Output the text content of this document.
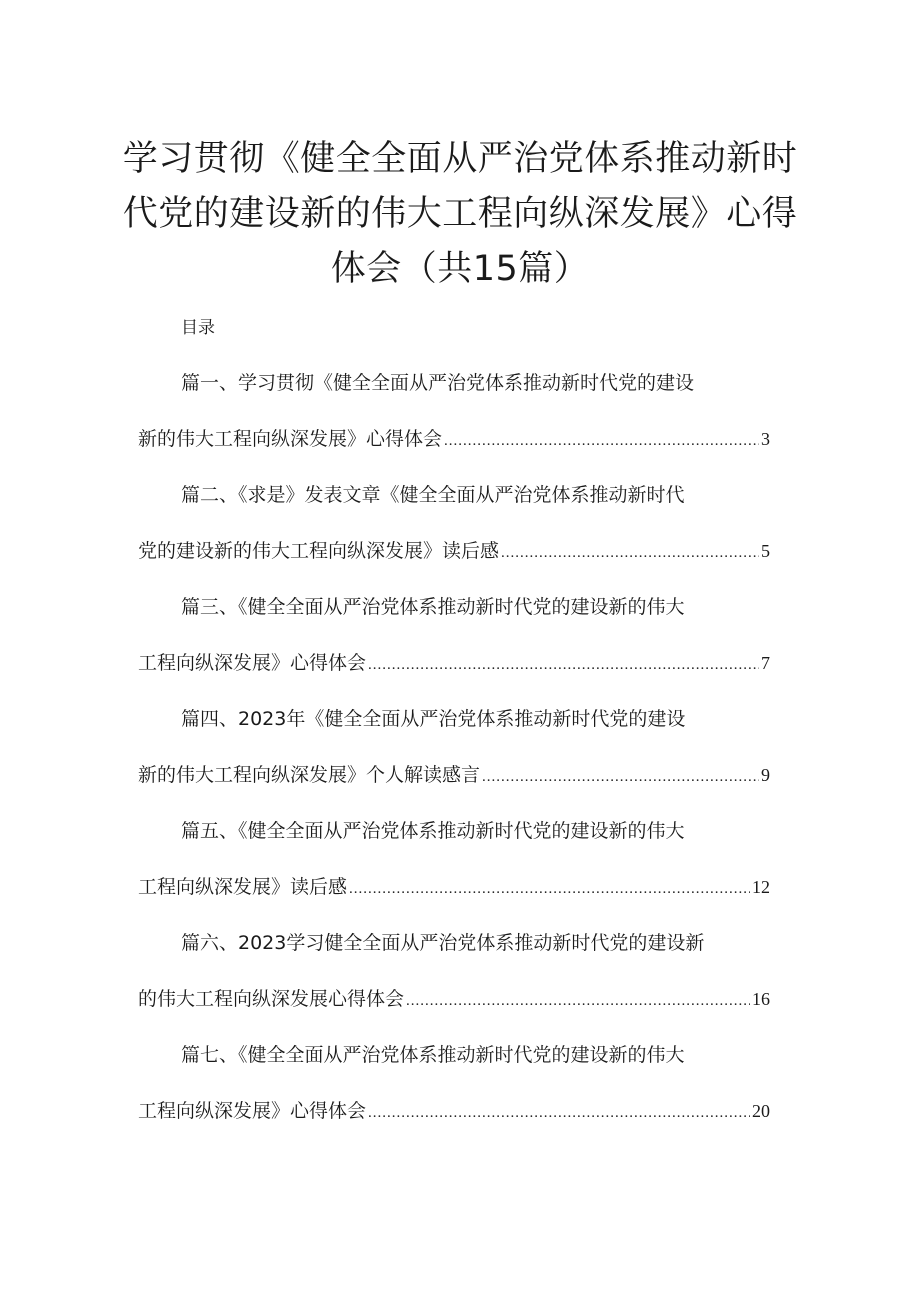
学习贯彻《健全全面从严治党体系推动新时代党的建设新的伟大工程向纵深发展》心得体会（共15篇）
目录
篇一、学习贯彻《健全全面从严治党体系推动新时代党的建设
新的伟大工程向纵深发展》心得体会 .....	3
篇二、《求是》发表文章《健全全面从严治党体系推动新时代
党的建设新的伟大工程向纵深发展》读后感 .....	5
篇三、《健全全面从严治党体系推动新时代党的建设新的伟大
工程向纵深发展》心得体会 .....	7
篇四、2023年《健全全面从严治党体系推动新时代党的建设
新的伟大工程向纵深发展》个人解读感言 .....	9
篇五、《健全全面从严治党体系推动新时代党的建设新的伟大
工程向纵深发展》读后感 .....	12
篇六、2023学习健全全面从严治党体系推动新时代党的建设新
的伟大工程向纵深发展心得体会 .....	16
篇七、《健全全面从严治党体系推动新时代党的建设新的伟大
工程向纵深发展》心得体会 .....	20
